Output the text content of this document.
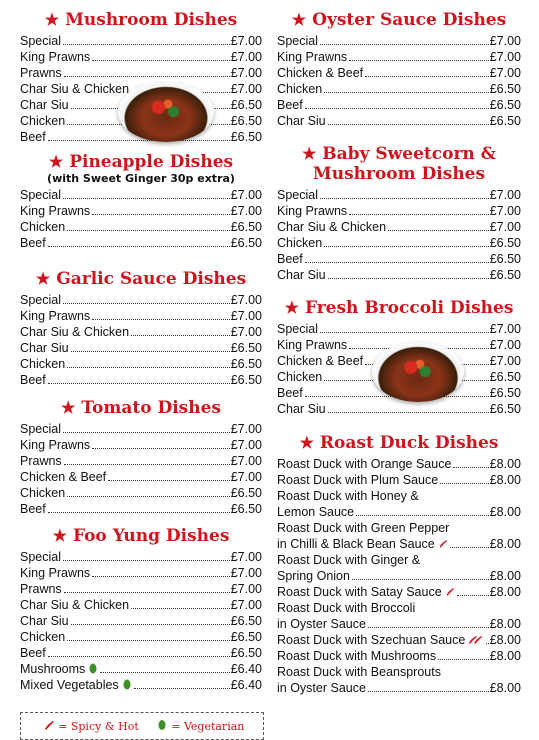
★ Mushroom Dishes
Special	£7.00
King Prawns	£7.00
Prawns	£7.00
Char Siu & Chicken	£7.00
Char Siu	£6.50
Chicken	£6.50
Beef	£6.50
★ Pineapple Dishes
(with Sweet Ginger 30p extra)
Special	£7.00
King Prawns	£7.00
Chicken	£6.50
Beef	£6.50
★ Garlic Sauce Dishes
Special	£7.00
King Prawns	£7.00
Char Siu & Chicken	£7.00
Char Siu	£6.50
Chicken	£6.50
Beef	£6.50
★ Tomato Dishes
Special	£7.00
King Prawns	£7.00
Prawns	£7.00
Chicken & Beef	£7.00
Chicken	£6.50
Beef	£6.50
★ Foo Yung Dishes
Special	£7.00
King Prawns	£7.00
Prawns	£7.00
Char Siu & Chicken	£7.00
Char Siu	£6.50
Chicken	£6.50
Beef	£6.50
Mushrooms	£6.40
Mixed Vegetables	£6.40
★ Oyster Sauce Dishes
Special	£7.00
King Prawns	£7.00
Chicken & Beef	£7.00
Chicken	£6.50
Beef	£6.50
Char Siu	£6.50
★ Baby Sweetcorn & Mushroom Dishes
Special	£7.00
King Prawns	£7.00
Char Siu & Chicken	£7.00
Chicken	£6.50
Beef	£6.50
Char Siu	£6.50
★ Fresh Broccoli Dishes
Special	£7.00
King Prawns	£7.00
Chicken & Beef	£7.00
Chicken	£6.50
Beef	£6.50
Char Siu	£6.50
★ Roast Duck Dishes
Roast Duck with Orange Sauce	£8.00
Roast Duck with Plum Sauce	£8.00
Roast Duck with Honey &
Lemon Sauce	£8.00
Roast Duck with Green Pepper
in Chilli & Black Bean Sauce	£8.00
Roast Duck with Ginger &
Spring Onion	£8.00
Roast Duck with Satay Sauce	£8.00
Roast Duck with Broccoli
in Oyster Sauce	£8.00
Roast Duck with Szechuan Sauce £8.00
Roast Duck with Mushrooms	£8.00
Roast Duck with Beansprouts
in Oyster Sauce	£8.00
= Spicy & Hot	= Vegetarian
